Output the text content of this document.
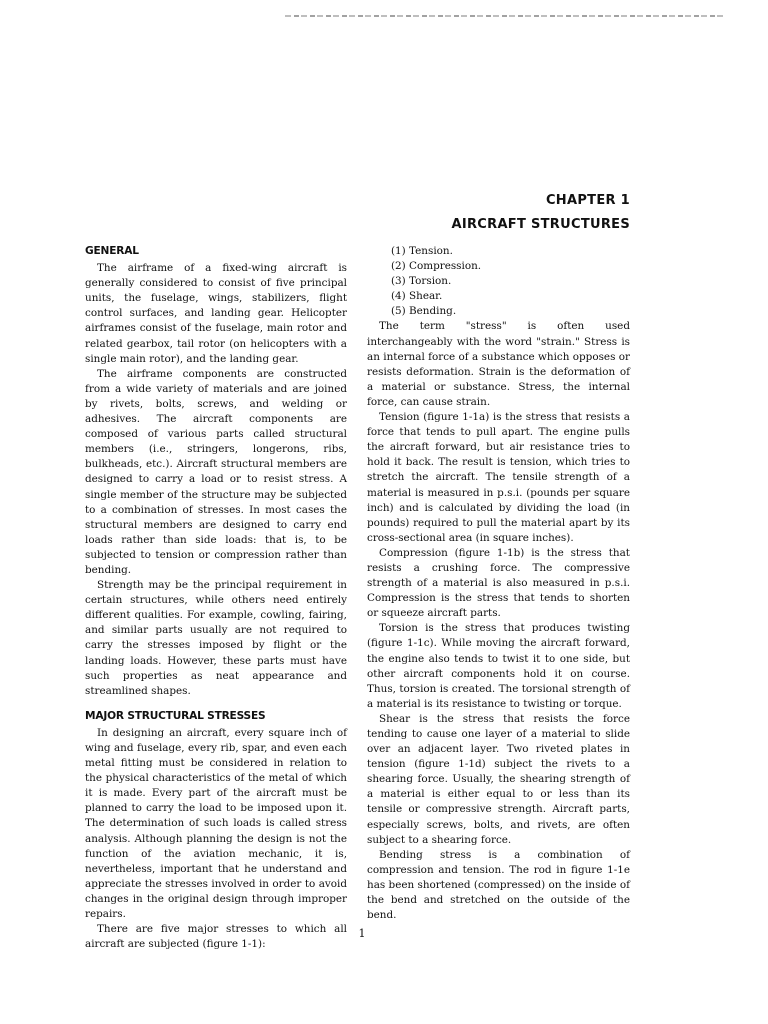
CHAPTER 1
AIRCRAFT STRUCTURES
GENERAL

The airframe of a fixed-wing aircraft is generally considered to consist of five principal units, the fuselage, wings, stabilizers, flight control surfaces, and landing gear. Helicopter airframes consist of the fuselage, main rotor and related gearbox, tail rotor (on helicopters with a single main rotor), and the landing gear.

The airframe components are constructed from a wide variety of materials and are joined by rivets, bolts, screws, and welding or adhesives. The aircraft components are composed of various parts called structural members (i.e., stringers, longerons, ribs, bulkheads, etc.). Aircraft structural members are designed to carry a load or to resist stress. A single member of the structure may be subjected to a combination of stresses. In most cases the structural members are designed to carry end loads rather than side loads: that is, to be subjected to tension or compression rather than bending.

Strength may be the principal requirement in certain structures, while others need entirely different qualities. For example, cowling, fairing, and similar parts usually are not required to carry the stresses imposed by flight or the landing loads. However, these parts must have such properties as neat appearance and streamlined shapes.

MAJOR STRUCTURAL STRESSES

In designing an aircraft, every square inch of wing and fuselage, every rib, spar, and even each metal fitting must be considered in relation to the physical characteristics of the metal of which it is made. Every part of the aircraft must be planned to carry the load to be imposed upon it. The determination of such loads is called stress analysis. Although planning the design is not the function of the aviation mechanic, it is, nevertheless, important that he understand and appreciate the stresses involved in order to avoid changes in the original design through improper repairs.

There are five major stresses to which all aircraft are subjected (figure 1-1):

(1) Tension.
(2) Compression.
(3) Torsion.
(4) Shear.
(5) Bending.

The term "stress" is often used interchangeably with the word "strain." Stress is an internal force of a substance which opposes or resists deformation. Strain is the deformation of a material or substance. Stress, the internal force, can cause strain.

Tension (figure 1-1a) is the stress that resists a force that tends to pull apart. The engine pulls the aircraft forward, but air resistance tries to hold it back. The result is tension, which tries to stretch the aircraft. The tensile strength of a material is measured in p.s.i. (pounds per square inch) and is calculated by dividing the load (in pounds) required to pull the material apart by its cross-sectional area (in square inches).

Compression (figure 1-1b) is the stress that resists a crushing force. The compressive strength of a material is also measured in p.s.i. Compression is the stress that tends to shorten or squeeze aircraft parts.

Torsion is the stress that produces twisting (figure 1-1c). While moving the aircraft forward, the engine also tends to twist it to one side, but other aircraft components hold it on course. Thus, torsion is created. The torsional strength of a material is its resistance to twisting or torque.

Shear is the stress that resists the force tending to cause one layer of a material to slide over an adjacent layer. Two riveted plates in tension (figure 1-1d) subject the rivets to a shearing force. Usually, the shearing strength of a material is either equal to or less than its tensile or compressive strength. Aircraft parts, especially screws, bolts, and rivets, are often subject to a shearing force.

Bending stress is a combination of compression and tension. The rod in figure 1-1e has been shortened (compressed) on the inside of the bend and stretched on the outside of the bend.

1
